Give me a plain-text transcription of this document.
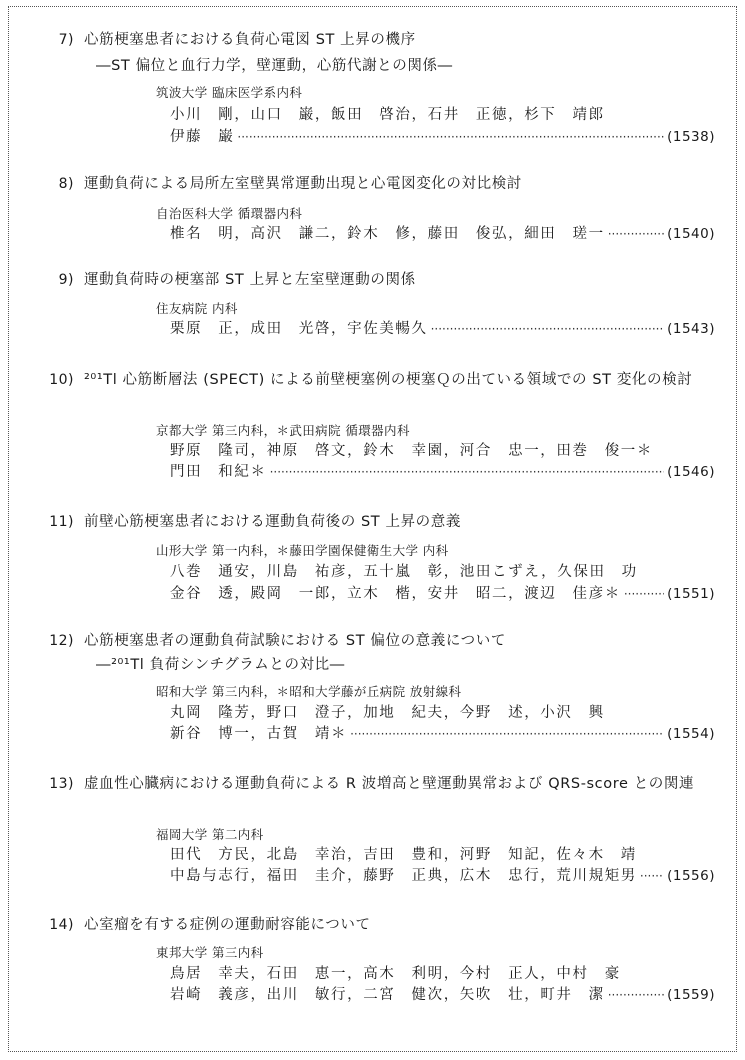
7) 心筋梗塞患者における負荷心電図 ST 上昇の機序
―ST 偏位と血行力学，壁運動，心筋代謝との関係―
筑波大学 臨床医学系内科
小川　剛，山口　巌，飯田　啓治，石井　正徳，杉下　靖郎
伊藤　巌 ·····	(1538)
8) 運動負荷による局所左室壁異常運動出現と心電図変化の対比検討
自治医科大学 循環器内科
椎名　明，高沢　謙二，鈴木　修，藤田　俊弘，細田　瑳一 ·····	(1540)
9) 運動負荷時の梗塞部 ST 上昇と左室壁運動の関係
住友病院 内科
栗原　正，成田　光啓，宇佐美暢久 ·····	(1543)
10) ²⁰¹Tl 心筋断層法 (SPECT) による前壁梗塞例の梗塞Ｑの出ている領域での ST 変化の検討
京都大学 第三内科，＊武田病院 循環器内科
野原　隆司，神原　啓文，鈴木　幸園，河合　忠一，田巻　俊一＊
門田　和紀＊ ·····	(1546)
11) 前壁心筋梗塞患者における運動負荷後の ST 上昇の意義
山形大学 第一内科，＊藤田学園保健衛生大学 内科
八巻　通安，川島　祐彦，五十嵐　彰，池田こずえ，久保田　功
金谷　透，殿岡　一郎，立木　楷，安井　昭二，渡辺　佳彦＊ ·····	(1551)
12) 心筋梗塞患者の運動負荷試験における ST 偏位の意義について
―²⁰¹Tl 負荷シンチグラムとの対比―
昭和大学 第三内科，＊昭和大学藤が丘病院 放射線科
丸岡　隆芳，野口　澄子，加地　紀夫，今野　述，小沢　興
新谷　博一，古賀　靖＊ ·····	(1554)
13) 虚血性心臓病における運動負荷による R 波増高と壁運動異常および QRS-score との関連
福岡大学 第二内科
田代　方民，北島　幸治，吉田　豊和，河野　知記，佐々木　靖
中島与志行，福田　圭介，藤野　正典，広木　忠行，荒川規矩男 ····· (1556)
14) 心室瘤を有する症例の運動耐容能について
東邦大学 第三内科
鳥居　幸夫，石田　恵一，高木　利明，今村　正人，中村　豪
岩崎　義彦，出川　敏行，二宮　健次，矢吹　壮，町井　潔 ·····	(1559)
